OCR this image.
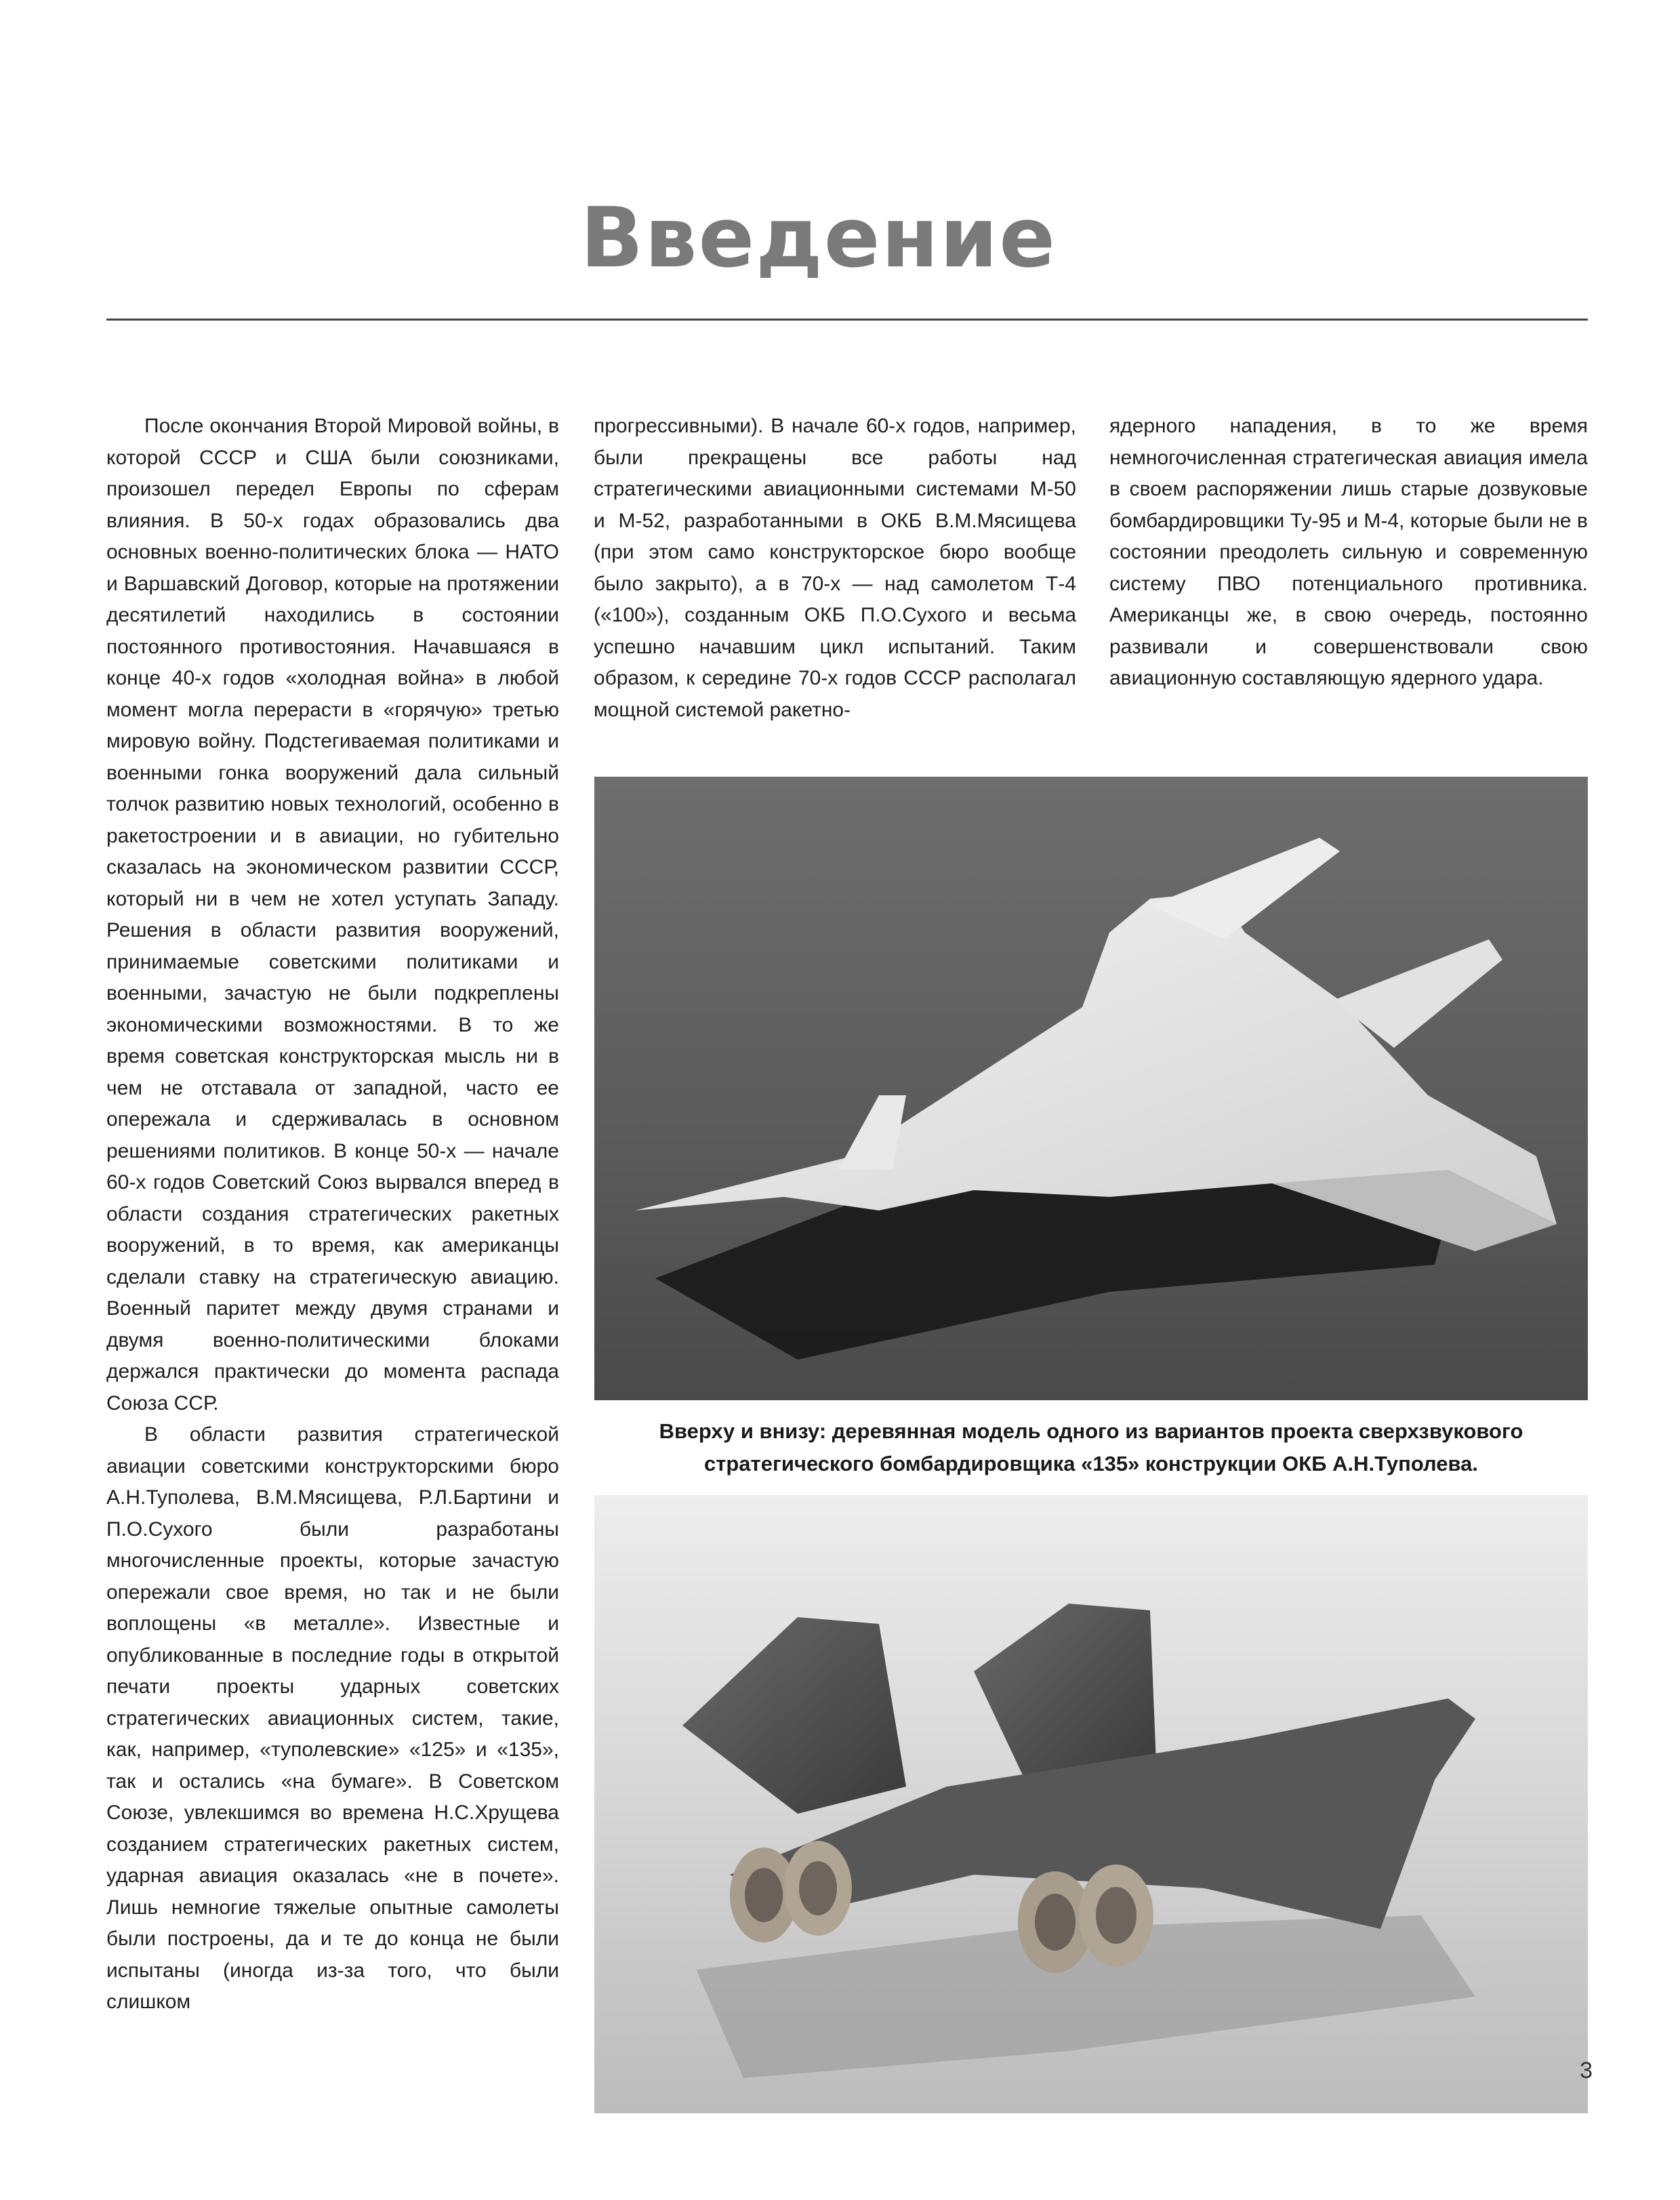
Введение

После окончания Второй Мировой войны, в которой СССР и США были союзниками, произошел передел Европы по сферам влияния. В 50-х годах образовались два основных военно-политических блока — НАТО и Варшавский Договор, которые на протяжении десятилетий находились в состоянии постоянного противостояния. Начавшаяся в конце 40-х годов «холодная война» в любой момент могла перерасти в «горячую» третью мировую войну. Подстегиваемая политиками и военными гонка вооружений дала сильный толчок развитию новых технологий, особенно в ракетостроении и в авиации, но губительно сказалась на экономическом развитии СССР, который ни в чем не хотел уступать Западу. Решения в области развития вооружений, принимаемые советскими политиками и военными, зачастую не были подкреплены экономическими возможностями. В то же время советская конструкторская мысль ни в чем не отставала от западной, часто ее опережала и сдерживалась в основном решениями политиков. В конце 50-х — начале 60-х годов Советский Союз вырвался вперед в области создания стратегических ракетных вооружений, в то время, как американцы сделали ставку на стратегическую авиацию. Военный паритет между двумя странами и двумя военно-политическими блоками держался практически до момента распада Союза ССР.

В области развития стратегической авиации советскими конструкторскими бюро А.Н.Туполева, В.М.Мясищева, Р.Л.Бартини и П.О.Сухого были разработаны многочисленные проекты, которые зачастую опережали свое время, но так и не были воплощены «в металле». Известные и опубликованные в последние годы в открытой печати проекты ударных советских стратегических авиационных систем, такие, как, например, «туполевские» «125» и «135», так и остались «на бумаге». В Советском Союзе, увлекшимся во времена Н.С.Хрущева созданием стратегических ракетных систем, ударная авиация оказалась «не в почете». Лишь немногие тяжелые опытные самолеты были построены, да и те до конца не были испытаны (иногда из-за того, что были слишком

прогрессивными). В начале 60-х годов, например, были прекращены все работы над стратегическими авиационными системами М-50 и М-52, разработанными в ОКБ В.М.Мясищева (при этом само конструкторское бюро вообще было закрыто), а в 70-х — над самолетом Т-4 («100»), созданным ОКБ П.О.Сухого и весьма успешно начавшим цикл испытаний. Таким образом, к середине 70-х годов СССР располагал мощной системой ракетно-

ядерного нападения, в то же время немногочисленная стратегическая авиация имела в своем распоряжении лишь старые дозвуковые бомбардировщики Ту-95 и М-4, которые были не в состоянии преодолеть сильную и современную систему ПВО потенциального противника. Американцы же, в свою очередь, постоянно развивали и совершенствовали свою авиационную составляющую ядерного удара.

Вверху и внизу: деревянная модель одного из вариантов проекта сверхзвукового стратегического бомбардировщика «135» конструкции ОКБ А.Н.Туполева.
3
